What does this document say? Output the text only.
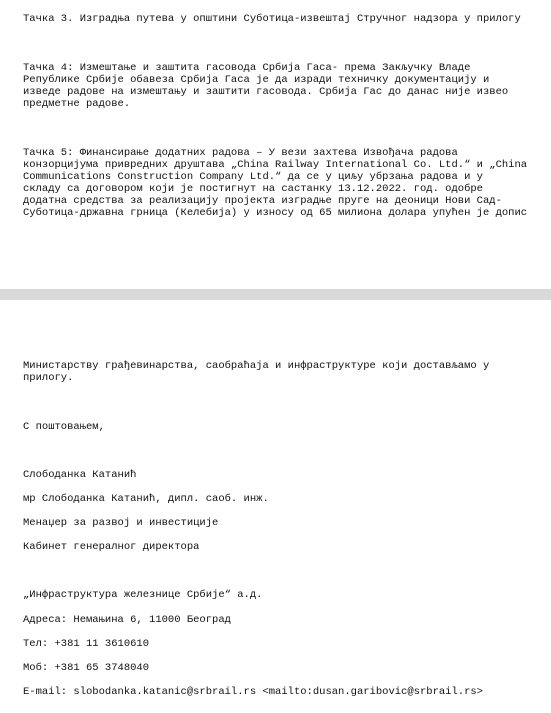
Тачка 3. Изградња путева у општини Суботица-извештај Стручног надзора у прилогу
Тачка 4: Измештање и заштита гасовода Србија Гаса- према Закључку Владе
Републике Србије обавеза Србија Гаса је да изради техничку документацију и
изведе радове на измештању и заштити гасовода. Србија Гас до данас није извео
предметне радове.
Тачка 5: Финансирање додатних радова – У вези захтева Извођача радова
конзорцијума привредних друштава „China Railway International Co. Ltd.“ и „China
Communications Construction Company Ltd.“ да се у циљу убрзања радова и у
складу са договором који је постигнут на састанку 13.12.2022. год. одобре
додатна средства за реализацију пројекта изградње пруге на деоници Нови Сад-
Суботица-државна грница (Келебија) у износу од 65 милиона долара упућен је допис
Министарству грађевинарства, саобраћаја и инфраструктуре који достављамо у
прилогу.
С поштовањем,
Слободанка Катанић
мр Слободанка Катанић, дипл. саоб. инж.
Менаџер за развој и инвестиције
Кабинет генералног директора
„Инфраструктура железнице Србије“ а.д.
Адреса: Немањина 6, 11000 Београд
Тел: +381 11 3610610
Моб: +381 65 3748040
E-mail: slobodanka.katanic@srbrail.rs <mailto:dusan.garibovic@srbrail.rs>
